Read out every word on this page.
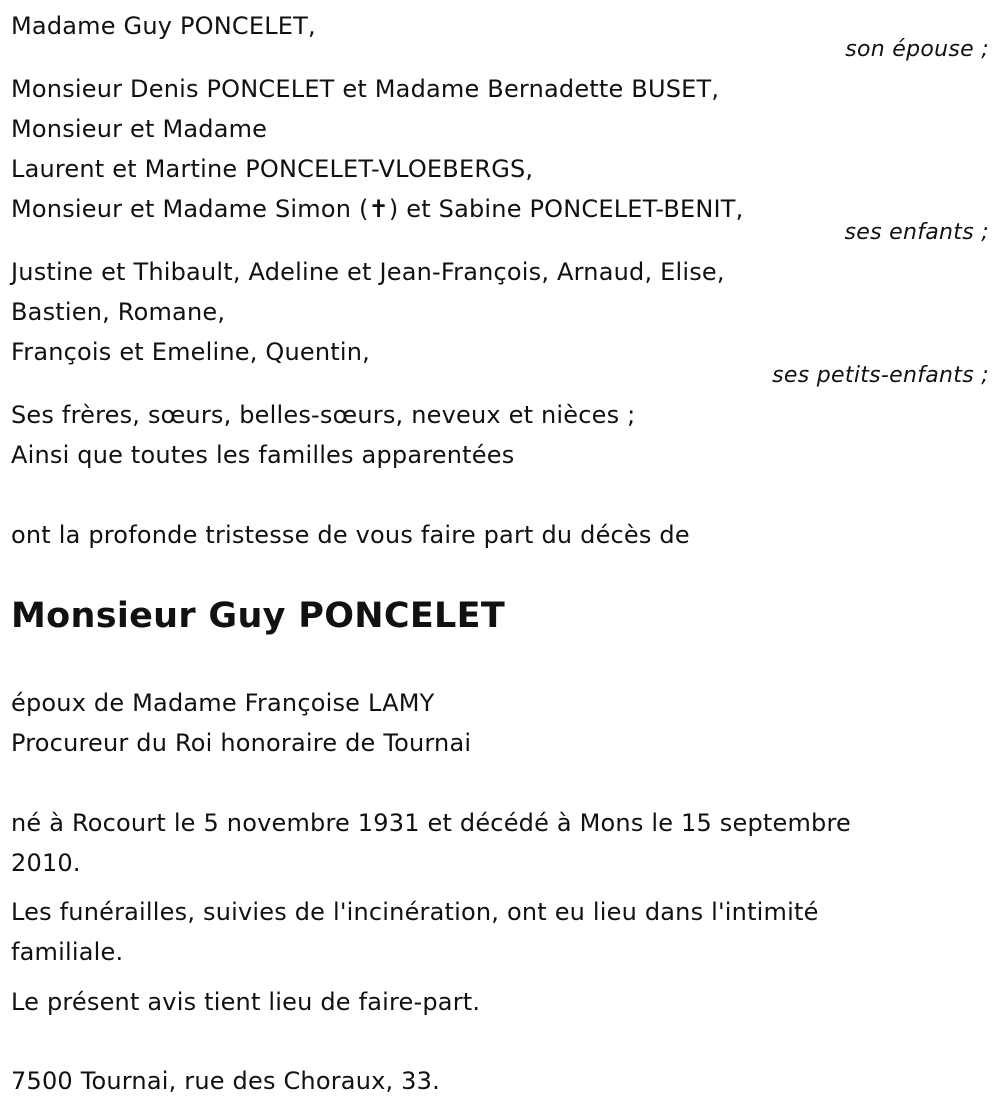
Madame Guy PONCELET,
son épouse ;
Monsieur Denis PONCELET et Madame Bernadette BUSET,
Monsieur et Madame
Laurent et Martine PONCELET-VLOEBERGS,
Monsieur et Madame Simon (✝) et Sabine PONCELET-BENIT,
ses enfants ;
Justine et Thibault, Adeline et Jean-François, Arnaud, Elise,
Bastien, Romane,
François et Emeline, Quentin,
ses petits-enfants ;
Ses frères, sœurs, belles-sœurs, neveux et nièces ;
Ainsi que toutes les familles apparentées
ont la profonde tristesse de vous faire part du décès de
Monsieur Guy PONCELET
époux de Madame Françoise LAMY
Procureur du Roi honoraire de Tournai
né à Rocourt le 5 novembre 1931 et décédé à Mons le 15 septembre
2010.
Les funérailles, suivies de l'incinération, ont eu lieu dans l'intimité
familiale.
Le présent avis tient lieu de faire-part.
7500 Tournai, rue des Choraux, 33.
